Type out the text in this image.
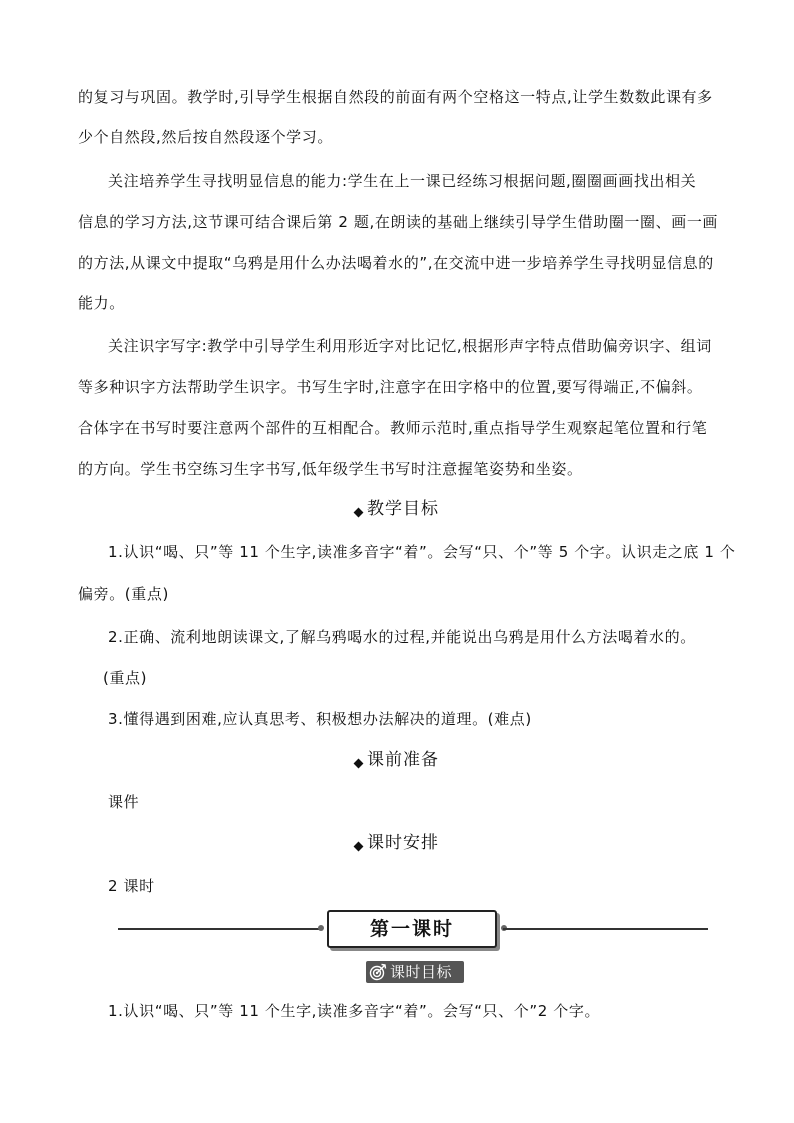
的复习与巩固。教学时,引导学生根据自然段的前面有两个空格这一特点,让学生数数此课有多
少个自然段,然后按自然段逐个学习。
关注培养学生寻找明显信息的能力:学生在上一课已经练习根据问题,圈圈画画找出相关
信息的学习方法,这节课可结合课后第 2 题,在朗读的基础上继续引导学生借助圈一圈、画一画
的方法,从课文中提取“乌鸦是用什么办法喝着水的”,在交流中进一步培养学生寻找明显信息的
能力。
关注识字写字:教学中引导学生利用形近字对比记忆,根据形声字特点借助偏旁识字、组词
等多种识字方法帮助学生识字。书写生字时,注意字在田字格中的位置,要写得端正,不偏斜。
合体字在书写时要注意两个部件的互相配合。教师示范时,重点指导学生观察起笔位置和行笔
的方向。学生书空练习生字书写,低年级学生书写时注意握笔姿势和坐姿。
教学目标
1.认识“喝、只”等 11 个生字,读准多音字“着”。会写“只、个”等 5 个字。认识走之底 1 个
偏旁。(重点)
2.正确、流利地朗读课文,了解乌鸦喝水的过程,并能说出乌鸦是用什么方法喝着水的。
(重点)
3.懂得遇到困难,应认真思考、积极想办法解决的道理。(难点)
课前准备
课件
课时安排
2 课时
第一课时
课时目标
1.认识“喝、只”等 11 个生字,读准多音字“着”。会写“只、个”2 个字。
